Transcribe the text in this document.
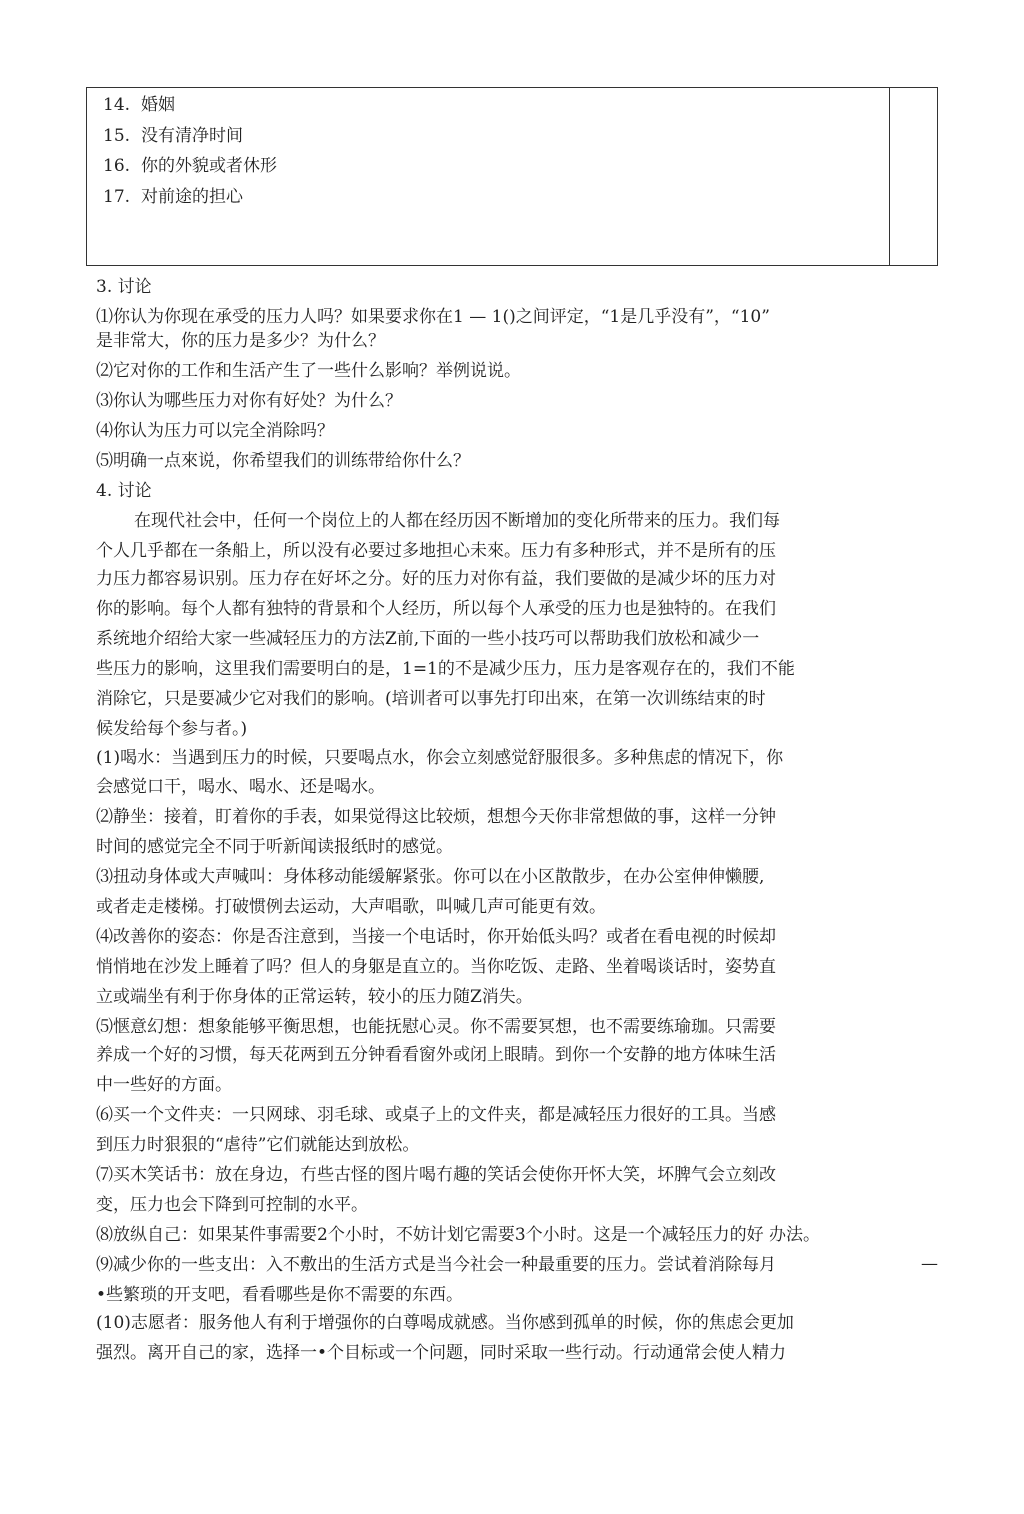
14. 婚姻
15. 没有清净时间
16. 你的外貌或者休形
17. 对前途的担心
3. 讨论
⑴你认为你现在承受的压力人吗？如果要求你在1 — 1()之间评定，“1是几乎没有”，“10”
是非常大，你的压力是多少？为什么？
⑵它对你的工作和生活产生了一些什么影响？举例说说。
⑶你认为哪些压力对你有好处？为什么？
⑷你认为压力可以完全消除吗？
⑸明确一点來说，你希望我们的训练带给你什么？
4. 讨论
在现代社会中，任何一个岗位上的人都在经历因不断增加的变化所带来的压力。我们每
个人几乎都在一条船上，所以没有必要过多地担心未來。压力有多种形式，并不是所有的压
力压力都容易识别。压力存在好坏之分。好的压力对你有益，我们要做的是减少坏的压力对
你的影响。每个人都有独特的背景和个人经历，所以每个人承受的压力也是独特的。在我们
系统地介绍给大家一些减轻压力的方法Z前,下面的一些小技巧可以帮助我们放松和减少一
些压力的影响，这里我们需要明白的是，1=1的不是减少压力，压力是客观存在的，我们不能
消除它，只是要减少它对我们的影响。(培训者可以事先打印出來，在第一次训练结束的时
候发给每个参与者。)
(1)喝水：当遇到压力的时候，只要喝点水，你会立刻感觉舒服很多。多种焦虑的情况下，你
会感觉口干，喝水、喝水、还是喝水。
⑵静坐：接着，盯着你的手表，如果觉得这比较烦，想想今天你非常想做的事，这样一分钟
时间的感觉完全不同于听新闻读报纸时的感觉。
⑶扭动身体或大声喊叫：身体移动能缓解紧张。你可以在小区散散步，在办公室伸伸懒腰,
或者走走楼梯。打破惯例去运动，大声唱歌，叫喊几声可能更有效。
⑷改善你的姿态：你是否注意到，当接一个电话时，你开始低头吗？或者在看电视的时候却
悄悄地在沙发上睡着了吗？但人的身躯是直立的。当你吃饭、走路、坐着喝谈话时，姿势直
立或端坐有利于你身体的正常运转，较小的压力随Z消失。
⑸惬意幻想：想象能够平衡思想，也能抚慰心灵。你不需要冥想，也不需要练瑜珈。只需要
养成一个好的习惯，每天花两到五分钟看看窗外或闭上眼睛。到你一个安静的地方体味生活
中一些好的方面。
⑹买一个文件夹：一只网球、羽毛球、或桌子上的文件夹，都是减轻压力很好的工具。当感
到压力时狠狠的“虐待”它们就能达到放松。
⑺买木笑话书：放在身边，冇些古怪的图片喝冇趣的笑话会使你开怀大笑，坏脾气会立刻改
变，压力也会下降到可控制的水平。
⑻放纵自己：如果某件事需要2个小时，不妨计划它需要3个小时。这是一个减轻压力的好 办法。
⑼减少你的一些支出：入不敷出的生活方式是当今社会一种最重要的压力。尝试着消除每月
•些繁琐的开支吧，看看哪些是你不需要的东西。
(10)志愿者：服务他人有利于增强你的白尊喝成就感。当你感到孤单的时候，你的焦虑会更加
强烈。离开自己的家，选择一•个目标或一个问题，同时采取一些行动。行动通常会使人精力
—
